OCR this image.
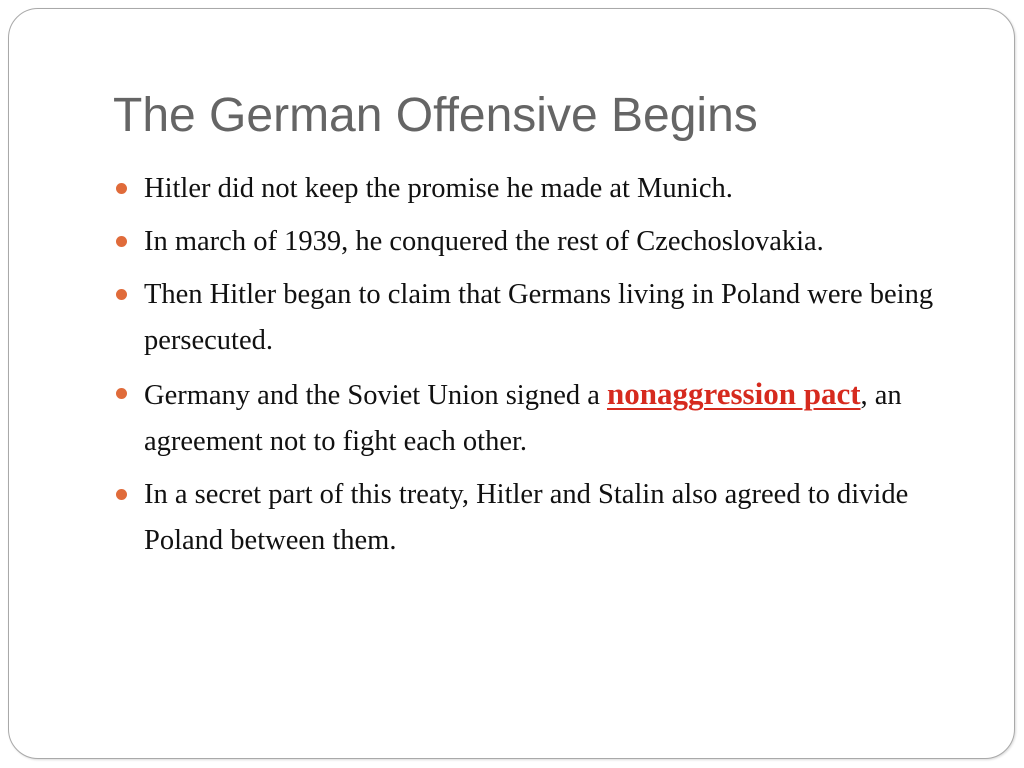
The German Offensive Begins
Hitler did not keep the promise he made at Munich.
In march of 1939, he conquered the rest of Czechoslovakia.
Then Hitler began to claim that Germans living in Poland were being persecuted.
Germany and the Soviet Union signed a nonaggression pact, an agreement not to fight each other.
In a secret part of this treaty, Hitler and Stalin also agreed to divide Poland between them.
